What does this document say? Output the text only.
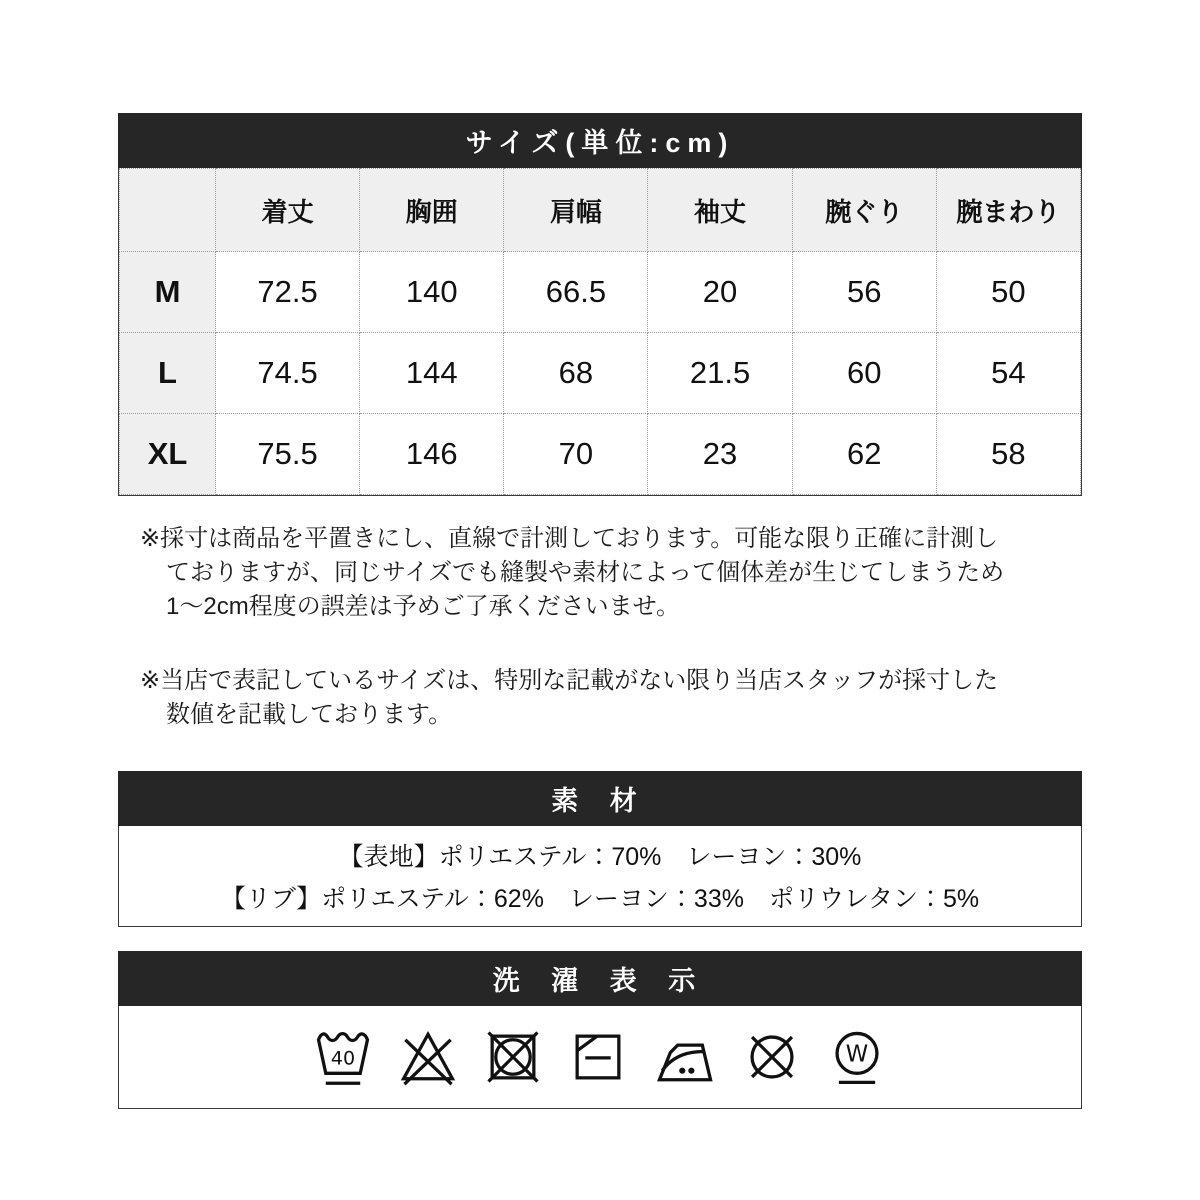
サイズ(単位:cm)
	着丈	胸囲	肩幅	袖丈	腕ぐり	腕まわり
M	72.5	140	66.5	20	56	50
L	74.5	144	68	21.5	60	54
XL	75.5	146	70	23	62	58
※採寸は商品を平置きにし、直線で計測しております。可能な限り正確に計測し
ておりますが、同じサイズでも縫製や素材によって個体差が生じてしまうため
1〜2cm程度の誤差は予めご了承くださいませ。
※当店で表記しているサイズは、特別な記載がない限り当店スタッフが採寸した
数値を記載しております。
素 材
【表地】ポリエステル：70%　レーヨン：30%
【リブ】ポリエステル：62%　レーヨン：33%　ポリウレタン：5%
洗 濯 表 示
40	W
